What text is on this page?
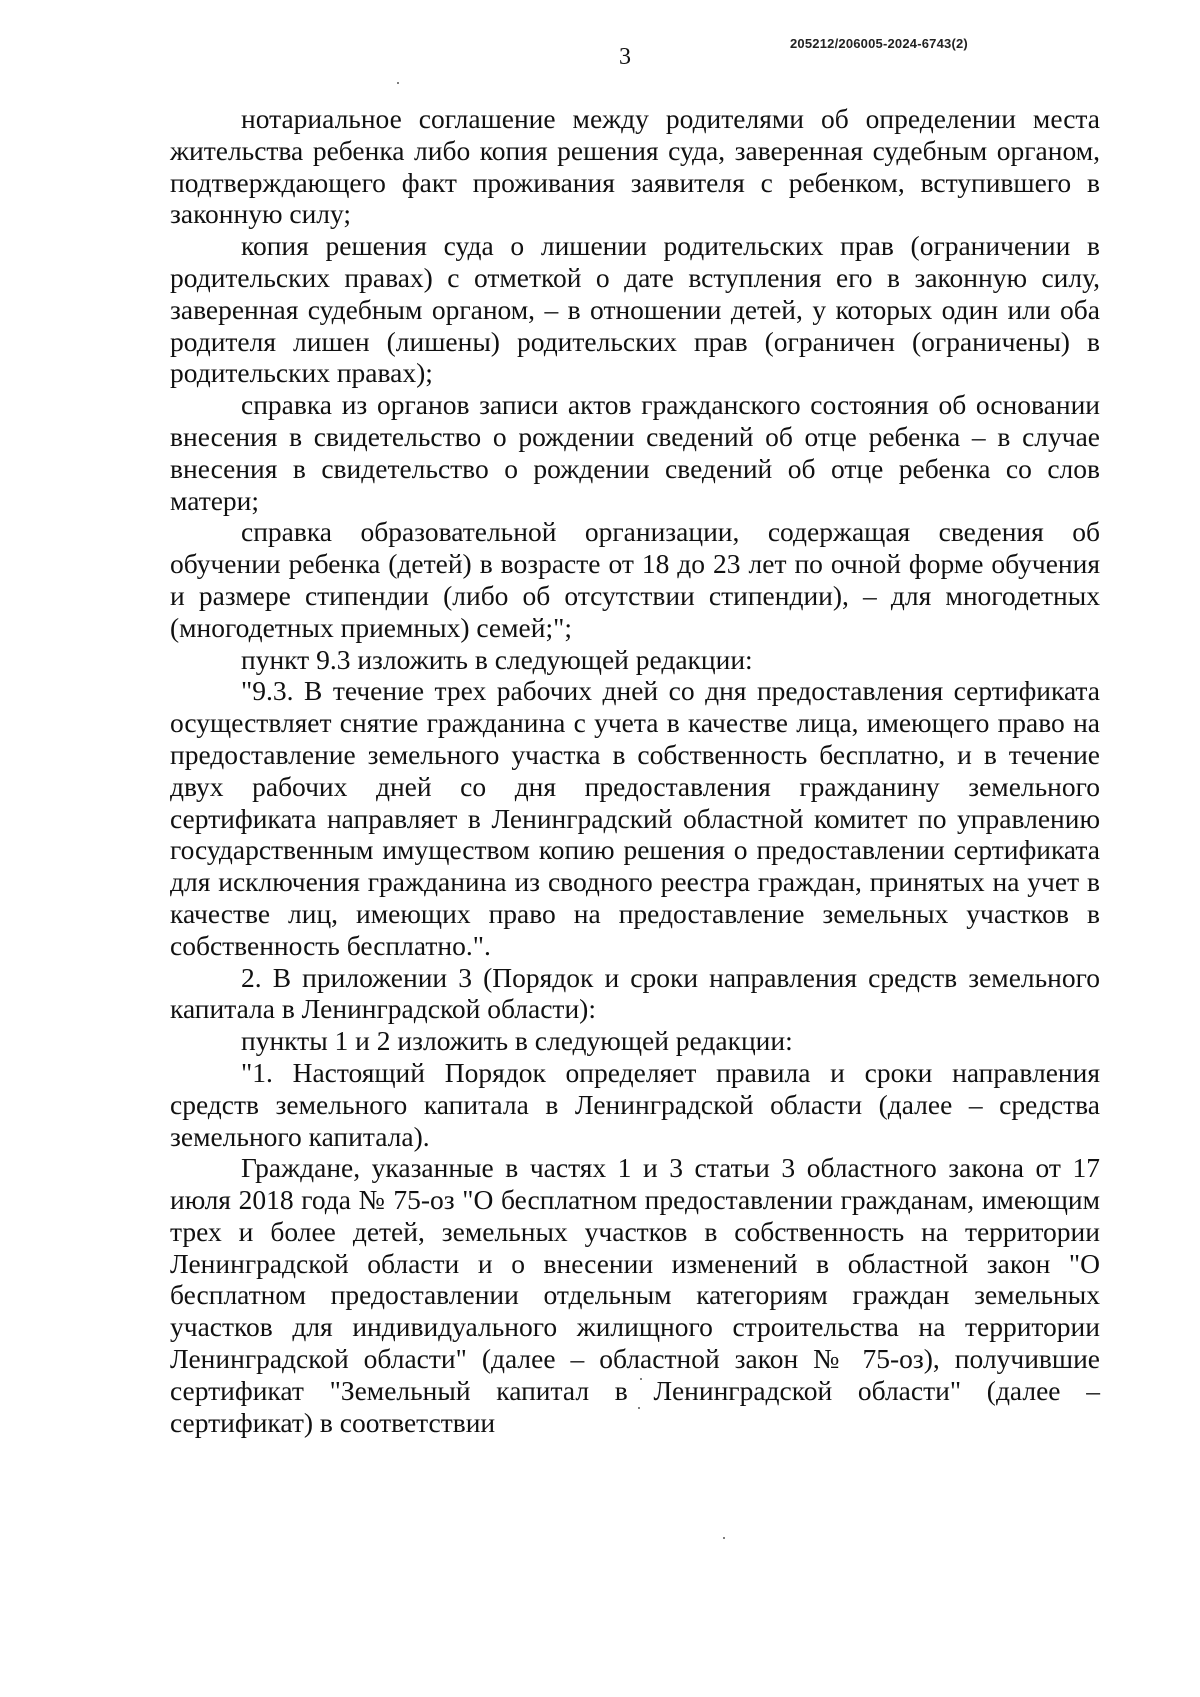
205212/206005-2024-6743(2)
3

нотариальное соглашение между родителями об определении места жительства ребенка либо копия решения суда, заверенная судебным органом, подтверждающего факт проживания заявителя с ребенком, вступившего в законную силу;

копия решения суда о лишении родительских прав (ограничении в родительских правах) с отметкой о дате вступления его в законную силу, заверенная судебным органом, – в отношении детей, у которых один или оба родителя лишен (лишены) родительских прав (ограничен (ограничены) в родительских правах);

справка из органов записи актов гражданского состояния об основании внесения в свидетельство о рождении сведений об отце ребенка – в случае внесения в свидетельство о рождении сведений об отце ребенка со слов матери;

справка образовательной организации, содержащая сведения об обучении ребенка (детей) в возрасте от 18 до 23 лет по очной форме обучения и размере стипендии (либо об отсутствии стипендии), – для многодетных (многодетных приемных) семей;";

пункт 9.3 изложить в следующей редакции:

"9.3. В течение трех рабочих дней со дня предоставления сертификата осуществляет снятие гражданина с учета в качестве лица, имеющего право на предоставление земельного участка в собственность бесплатно, и в течение двух рабочих дней со дня предоставления гражданину земельного сертификата направляет в Ленинградский областной комитет по управлению государственным имуществом копию решения о предоставлении сертификата для исключения гражданина из сводного реестра граждан, принятых на учет в качестве лиц, имеющих право на предоставление земельных участков в собственность бесплатно.".

2. В приложении 3 (Порядок и сроки направления средств земельного капитала в Ленинградской области):

пункты 1 и 2 изложить в следующей редакции:

"1. Настоящий Порядок определяет правила и сроки направления средств земельного капитала в Ленинградской области (далее – средства земельного капитала).

Граждане, указанные в частях 1 и 3 статьи 3 областного закона от 17 июля 2018 года № 75-оз "О бесплатном предоставлении гражданам, имеющим трех и более детей, земельных участков в собственность на территории Ленинградской области и о внесении изменений в областной закон "О бесплатном предоставлении отдельным категориям граждан земельных участков для индивидуального жилищного строительства на территории Ленинградской области" (далее – областной закон № 75-оз), получившие сертификат "Земельный капитал в Ленинградской области" (далее – сертификат) в соответствии
